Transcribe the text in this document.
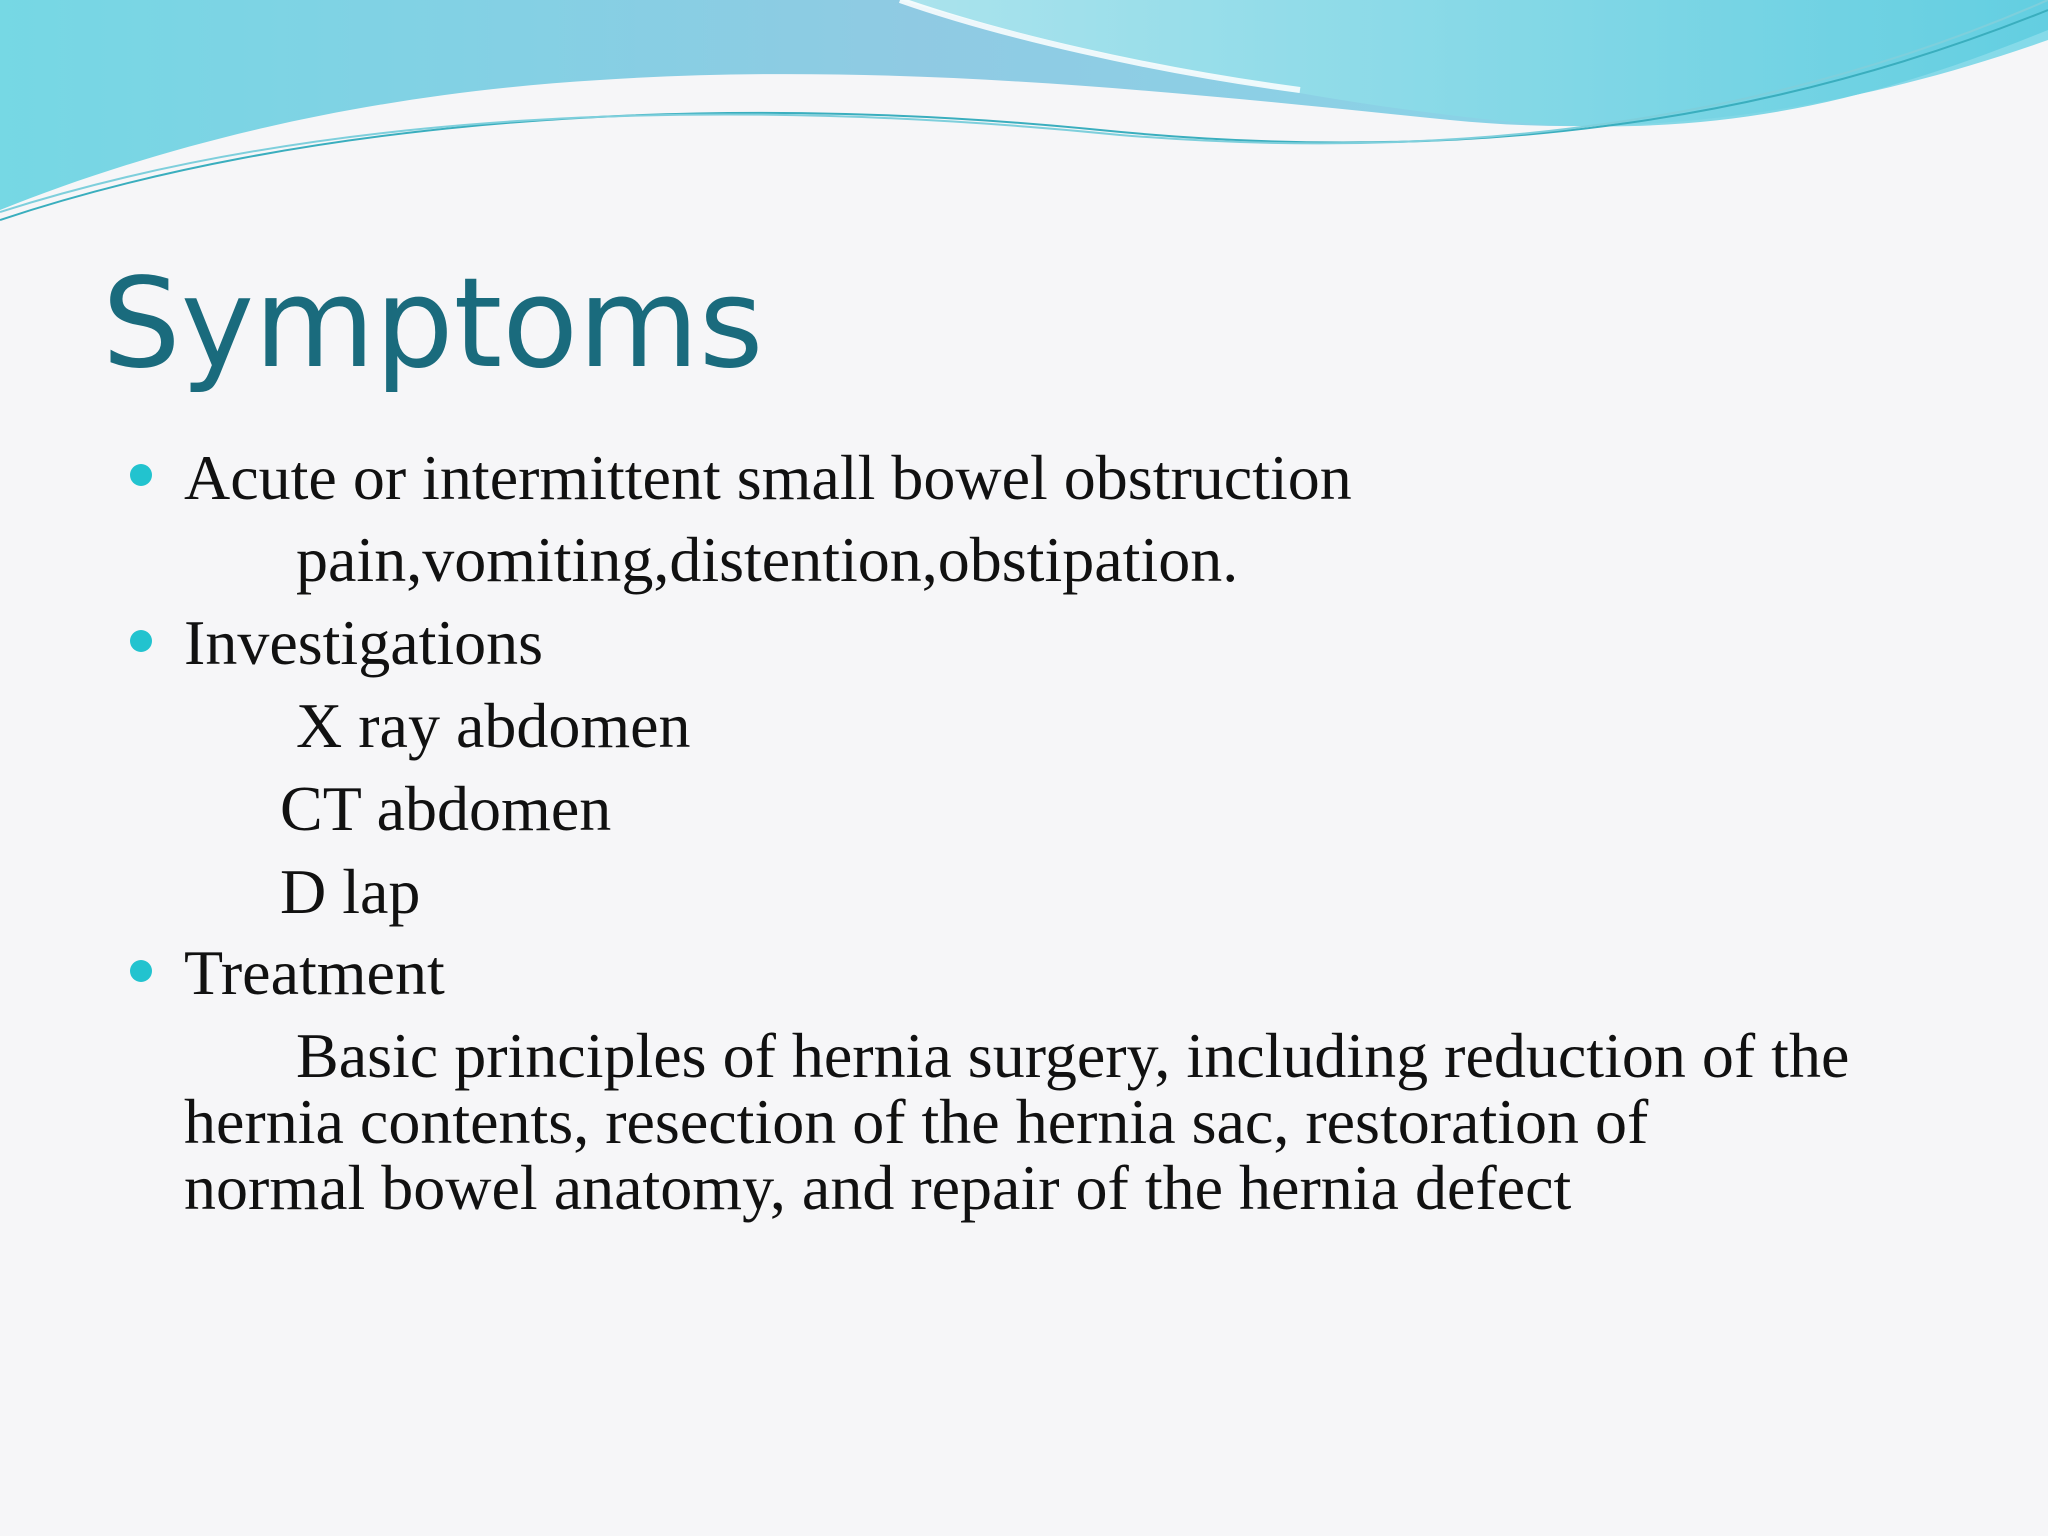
Symptoms
Acute or intermittent small bowel obstruction
pain,vomiting,distention,obstipation.
Investigations
X ray abdomen
CT abdomen
D lap
Treatment
Basic principles of hernia surgery, including reduction of the
hernia contents, resection of the hernia sac, restoration of
normal bowel anatomy, and repair of the hernia defect
